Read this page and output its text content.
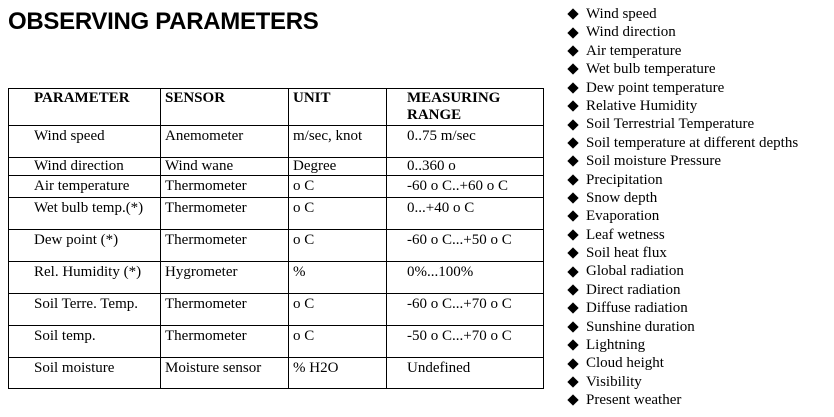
OBSERVING PARAMETERS
PARAMETER	SENSOR	UNIT	MEASURING
RANGE
Wind speed	Anemometer	m/sec, knot	0..75 m/sec
Wind direction	Wind wane	Degree	0..360 o
Air temperature	Thermometer	o C	-60 o C..+60 o C
Wet bulb temp.(*)	Thermometer	o C	0...+40 o C
Dew point (*)	Thermometer	o C	-60 o C...+50 o C
Rel. Humidity (*)	Hygrometer	%	0%...100%
Soil Terre. Temp.	Thermometer	o C	-60 o C...+70 o C
Soil temp.	Thermometer	o C	-50 o C...+70 o C
Soil moisture	Moisture sensor	% H2O	Undefined
Wind speed
Wind direction
Air temperature
Wet bulb temperature
Dew point temperature
Relative Humidity
Soil Terrestrial Temperature
Soil temperature at different depths
Soil moisture Pressure
Precipitation
Snow depth
Evaporation
Leaf wetness
Soil heat flux
Global radiation
Direct radiation
Diffuse radiation
Sunshine duration
Lightning
Cloud height
Visibility
Present weather
